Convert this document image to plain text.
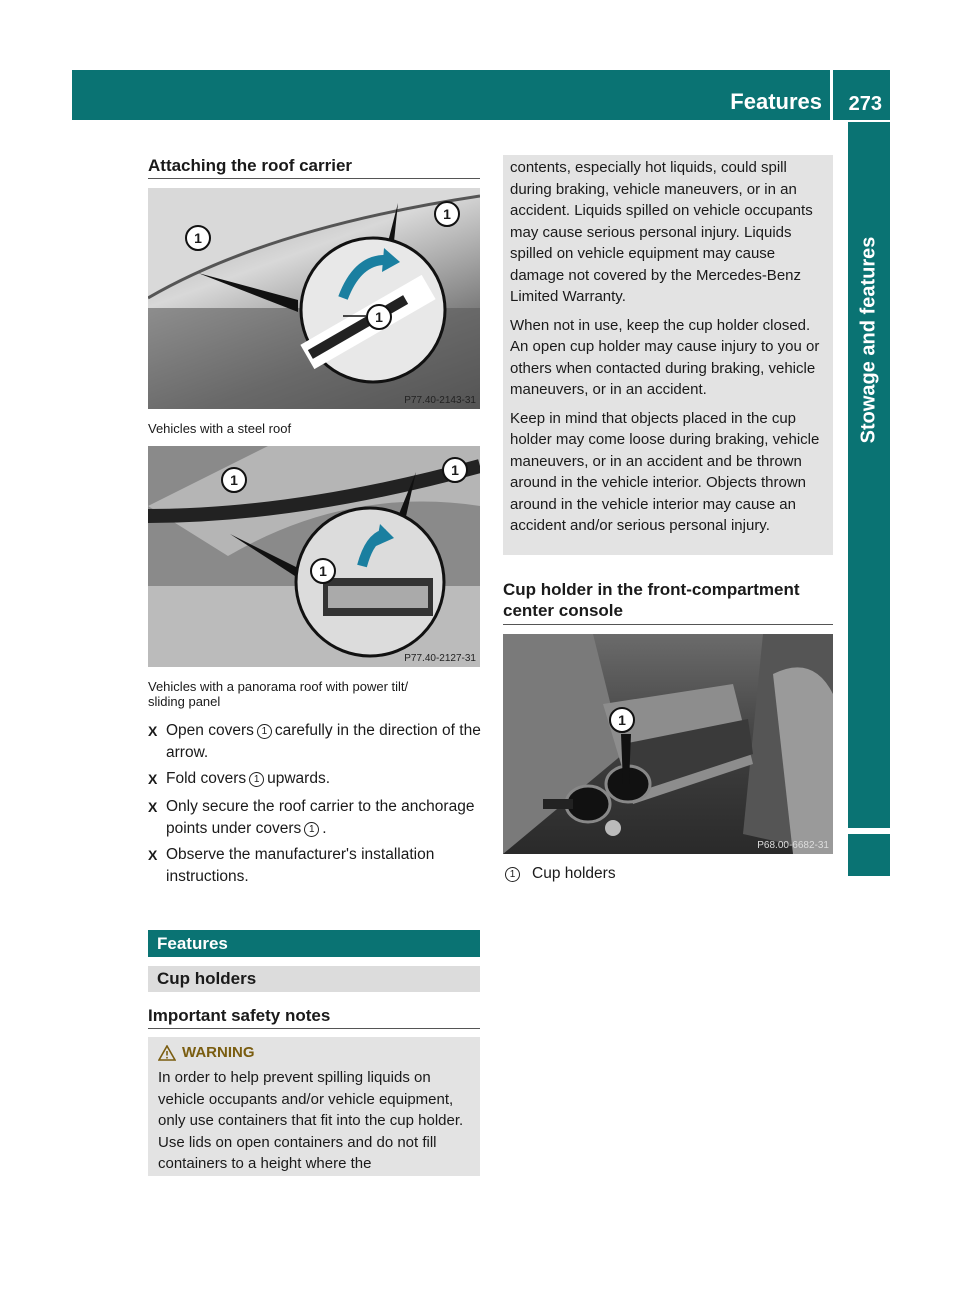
Features 273
Stowage and features
Attaching the roof carrier
1
1
1
P77.40-2143-31
Vehicles with a steel roof
1
1
1
P77.40-2127-31
Vehicles with a panorama roof with power tilt/
sliding panel
X Open covers 1 carefully in the direction of the arrow.
X Fold covers 1 upwards.
X Only secure the roof carrier to the anchorage points under covers 1 .
X Observe the manufacturer's installation instructions.
Features
Cup holders
Important safety notes
WARNING

In order to help prevent spilling liquids on vehicle occupants and/or vehicle equipment, only use containers that fit into the cup holder. Use lids on open containers and do not fill containers to a height where the

contents, especially hot liquids, could spill during braking, vehicle maneuvers, or in an accident. Liquids spilled on vehicle occupants may cause serious personal injury. Liquids spilled on vehicle equipment may cause damage not covered by the Mercedes-Benz Limited Warranty.

When not in use, keep the cup holder closed. An open cup holder may cause injury to you or others when contacted during braking, vehicle maneuvers, or in an accident.

Keep in mind that objects placed in the cup holder may come loose during braking, vehicle maneuvers, or in an accident and be thrown around in the vehicle interior. Objects thrown around in the vehicle interior may cause an accident and/or serious personal injury.

Cup holder in the front-compartment
center console
1
P68.00-6682-31
1 Cup holders
